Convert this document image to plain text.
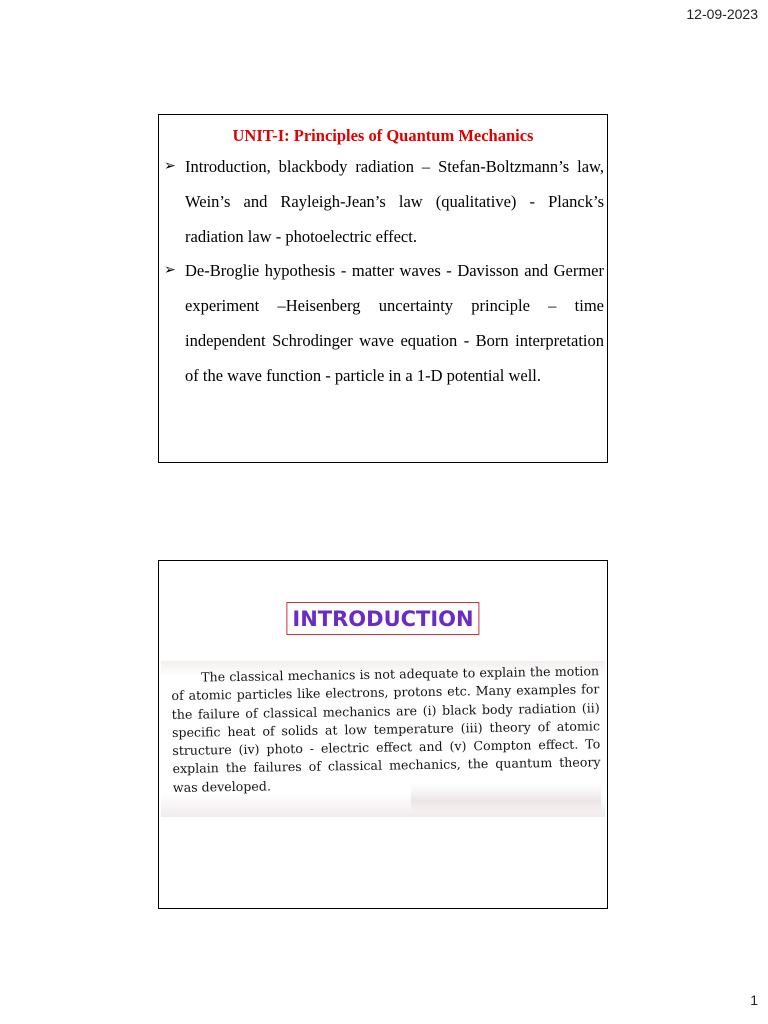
12-09-2023
UNIT-I: Principles of Quantum Mechanics
➢ Introduction, blackbody radiation – Stefan-Boltzmann’s law, Wein’s and Rayleigh-Jean’s law (qualitative) - Planck’s radiation law - photoelectric effect.
➢ De-Broglie hypothesis - matter waves - Davisson and Germer experiment –Heisenberg uncertainty principle – time independent Schrodinger wave equation - Born interpretation of the wave function - particle in a 1-D potential well.
INTRODUCTION
The classical mechanics is not adequate to explain the motion of atomic particles like electrons, protons etc. Many examples for the failure of classical mechanics are (i) black body radiation (ii) specific heat of solids at low temperature (iii) theory of atomic structure (iv) photo - electric effect and (v) Compton effect. To explain the failures of classical mechanics, the quantum theory was developed.
1
